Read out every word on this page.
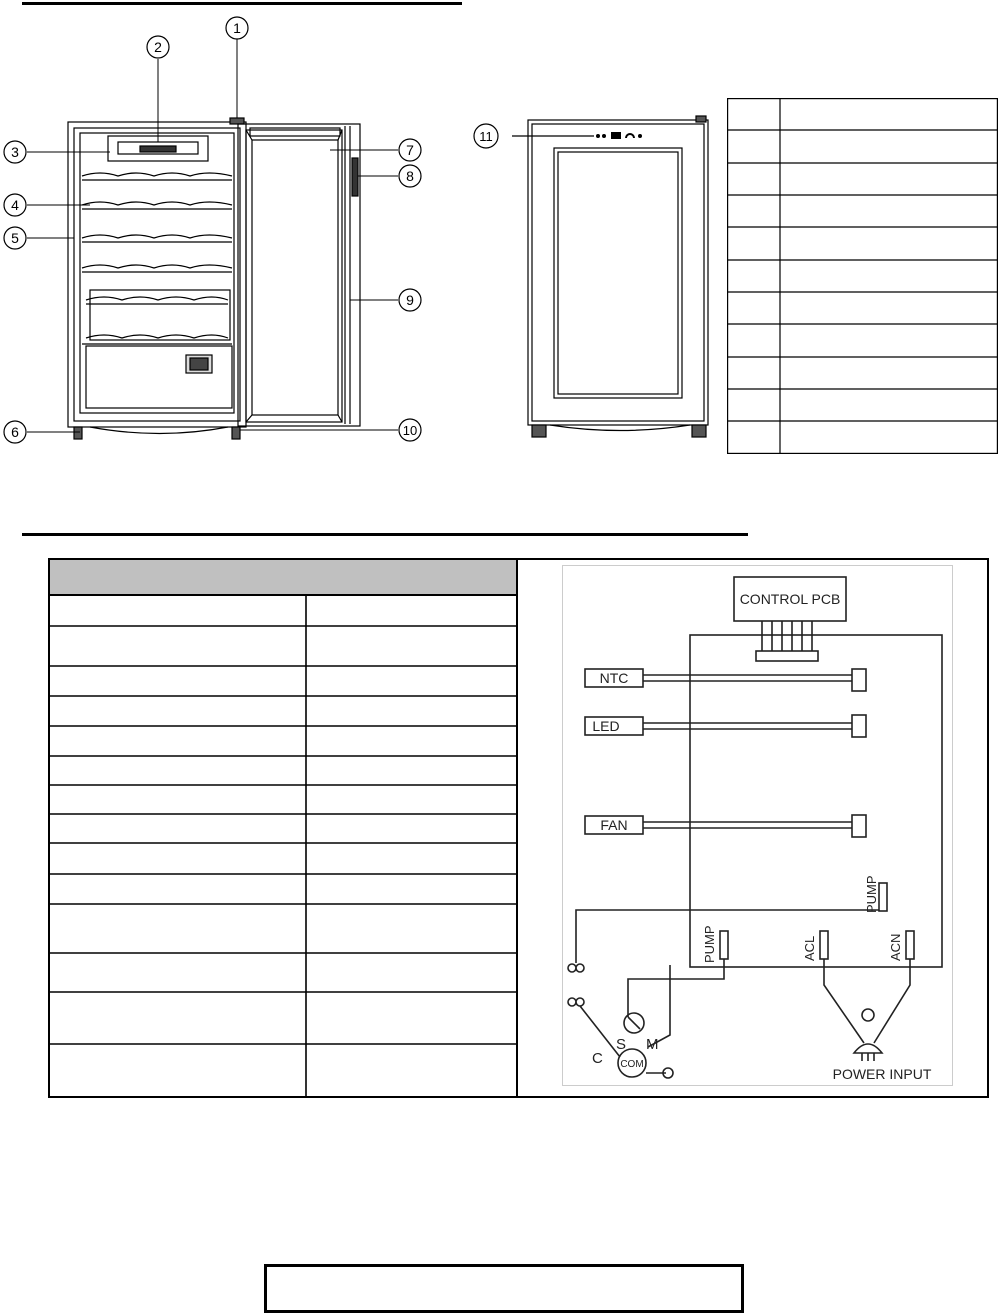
1
2
3
4
5
6
7
8
9
10
11
CONTROL PCB
NTC
LED
FAN
PUMP
PUMP	ACL	ACN
S M
C COM
POWER INPUT
